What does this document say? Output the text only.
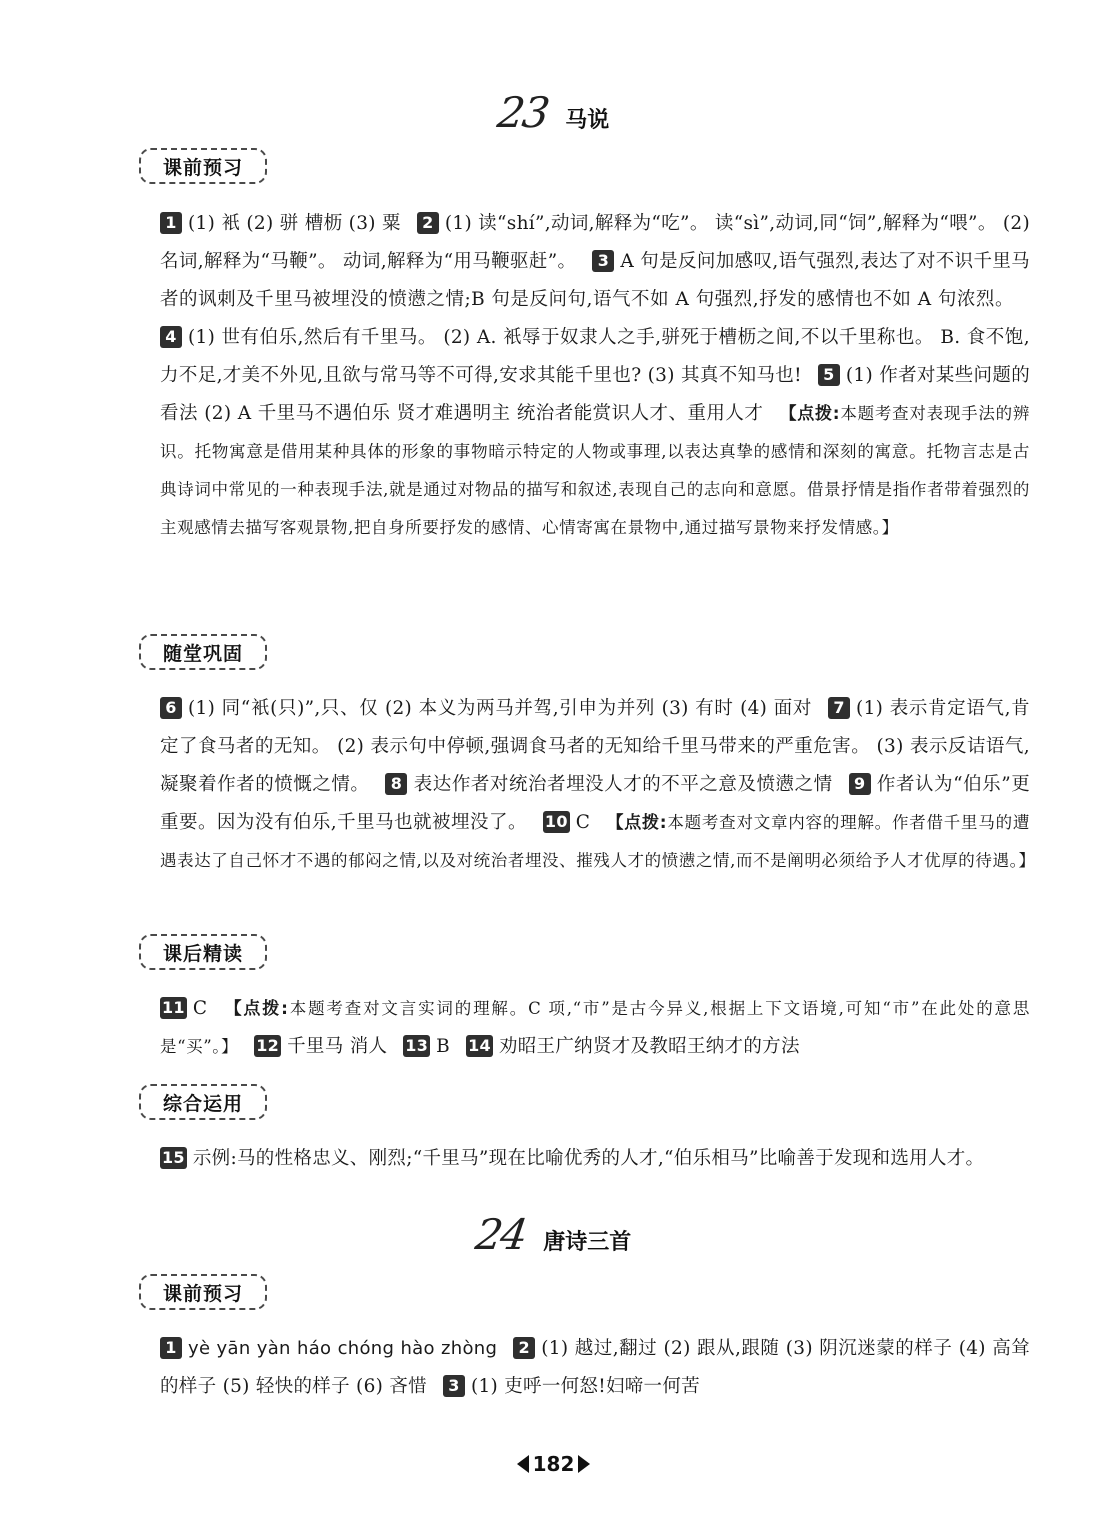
23 马说
课前预习

1 (1) 衹 (2) 骈 槽枥 (3) 粟 2 (1) 读“shí”,动词,解释为“吃”。 读“sì”,动词,同“饲”,解释为“喂”。 (2) 名词,解释为“马鞭”。 动词,解释为“用马鞭驱赶”。 3 A 句是反问加感叹,语气强烈,表达了对不识千里马者的讽刺及千里马被埋没的愤懑之情;B 句是反问句,语气不如 A 句强烈,抒发的感情也不如 A 句浓烈。4 (1) 世有伯乐,然后有千里马。 (2) A. 衹辱于奴隶人之手,骈死于槽枥之间,不以千里称也。 B. 食不饱,力不足,才美不外见,且欲与常马等不可得,安求其能千里也? (3) 其真不知马也! 5 (1) 作者对某些问题的看法 (2) A 千里马不遇伯乐 贤才难遇明主 统治者能赏识人才、重用人才 【点拨:本题考查对表现手法的辨识。托物寓意是借用某种具体的形象的事物暗示特定的人物或事理,以表达真挚的感情和深刻的寓意。托物言志是古典诗词中常见的一种表现手法,就是通过对物品的描写和叙述,表现自己的志向和意愿。借景抒情是指作者带着强烈的主观感情去描写客观景物,把自身所要抒发的感情、心情寄寓在景物中,通过描写景物来抒发情感。】

随堂巩固

6 (1) 同“衹(只)”,只、仅 (2) 本义为两马并驾,引申为并列 (3) 有时 (4) 面对 7 (1) 表示肯定语气,肯定了食马者的无知。 (2) 表示句中停顿,强调食马者的无知给千里马带来的严重危害。 (3) 表示反诘语气,凝聚着作者的愤慨之情。 8 表达作者对统治者埋没人才的不平之意及愤懑之情 9 作者认为“伯乐”更重要。因为没有伯乐,千里马也就被埋没了。 10 C 【点拨:本题考查对文章内容的理解。作者借千里马的遭遇表达了自己怀才不遇的郁闷之情,以及对统治者埋没、摧残人才的愤懑之情,而不是阐明必须给予人才优厚的待遇。】

课后精读

11 C 【点拨:本题考查对文言实词的理解。C 项,“市”是古今异义,根据上下文语境,可知“市”在此处的意思是“买”。】 12 千里马 消人 13 B 14 劝昭王广纳贤才及教昭王纳才的方法

综合运用

15 示例:马的性格忠义、刚烈;“千里马”现在比喻优秀的人才,“伯乐相马”比喻善于发现和选用人才。

24 唐诗三首
课前预习

1 yè yān yàn háo chóng hào zhòng 2 (1) 越过,翻过 (2) 跟从,跟随 (3) 阴沉迷蒙的样子 (4) 高耸的样子 (5) 轻快的样子 (6) 吝惜 3 (1) 吏呼一何怒!妇啼一何苦

182
